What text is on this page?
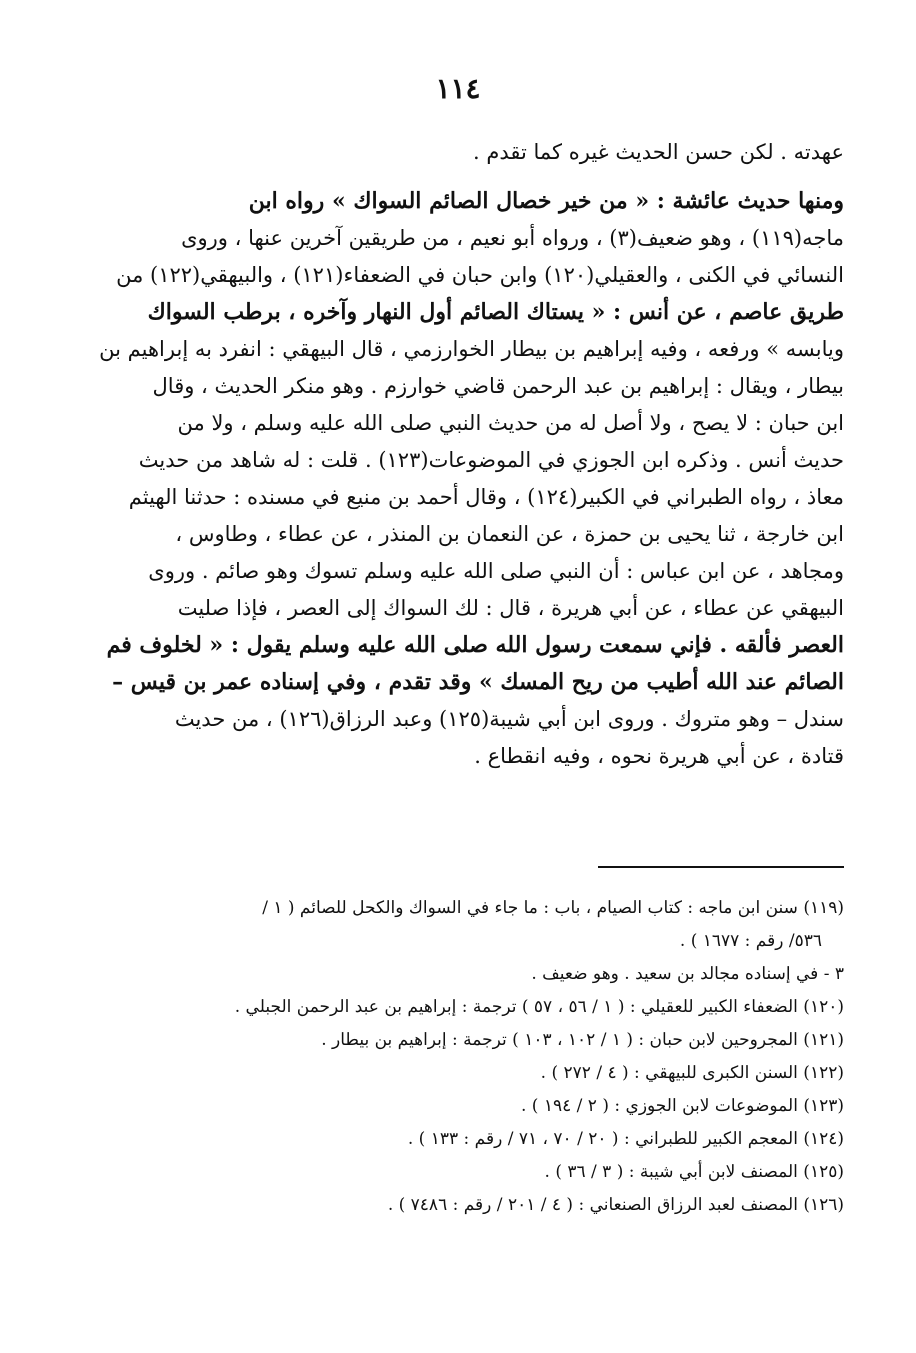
١١٤
عهدته . لكن حسن الحديث غيره كما تقدم .
ومنها حديث عائشة : « من خير خصال الصائم السواك » رواه ابن
ماجه(١١٩) ، وهو ضعيف(٣) ، ورواه أبو نعيم ، من طريقين آخرين عنها ، وروى
النسائي في الكنى ، والعقيلي(١٢٠) وابن حبان في الضعفاء(١٢١) ، والبيهقي(١٢٢) من
طريق عاصم ، عن أنس : « يستاك الصائم أول النهار وآخره ، برطب السواك
ويابسه » ورفعه ، وفيه إبراهيم بن بيطار الخوارزمي ، قال البيهقي : انفرد به إبراهيم بن
بيطار ، ويقال : إبراهيم بن عبد الرحمن قاضي خوارزم . وهو منكر الحديث ، وقال
ابن حبان : لا يصح ، ولا أصل له من حديث النبي صلى الله عليه وسلم ، ولا من
حديث أنس . وذكره ابن الجوزي في الموضوعات(١٢٣) . قلت : له شاهد من حديث
معاذ ، رواه الطبراني في الكبير(١٢٤) ، وقال أحمد بن منيع في مسنده : حدثنا الهيثم
ابن خارجة ، ثنا يحيى بن حمزة ، عن النعمان بن المنذر ، عن عطاء ، وطاوس ،
ومجاهد ، عن ابن عباس : أن النبي صلى الله عليه وسلم تسوك وهو صائم . وروى
البيهقي عن عطاء ، عن أبي هريرة ، قال : لك السواك إلى العصر ، فإذا صليت
العصر فألقه . فإني سمعت رسول الله صلى الله عليه وسلم يقول : « لخلوف فم
الصائم عند الله أطيب من ريح المسك » وقد تقدم ، وفي إسناده عمر بن قيس –
سندل – وهو متروك . وروى ابن أبي شيبة(١٢٥) وعبد الرزاق(١٢٦) ، من حديث
قتادة ، عن أبي هريرة نحوه ، وفيه انقطاع .
(١١٩) سنن ابن ماجه : كتاب الصيام ، باب : ما جاء في السواك والكحل للصائم ( ١ /
٥٣٦/ رقم : ١٦٧٧ ) .
٣ - في إسناده مجالد بن سعيد . وهو ضعيف .
(١٢٠) الضعفاء الكبير للعقيلي : ( ١ / ٥٦ ، ٥٧ ) ترجمة : إبراهيم بن عبد الرحمن الجبلي .
(١٢١) المجروحين لابن حبان : ( ١ / ١٠٢ ، ١٠٣ ) ترجمة : إبراهيم بن بيطار .
(١٢٢) السنن الكبرى للبيهقي : ( ٤ / ٢٧٢ ) .
(١٢٣) الموضوعات لابن الجوزي : ( ٢ / ١٩٤ ) .
(١٢٤) المعجم الكبير للطبراني : ( ٢٠ / ٧٠ ، ٧١ / رقم : ١٣٣ ) .
(١٢٥) المصنف لابن أبي شيبة : ( ٣ / ٣٦ ) .
(١٢٦) المصنف لعبد الرزاق الصنعاني : ( ٤ / ٢٠١ / رقم : ٧٤٨٦ ) .
